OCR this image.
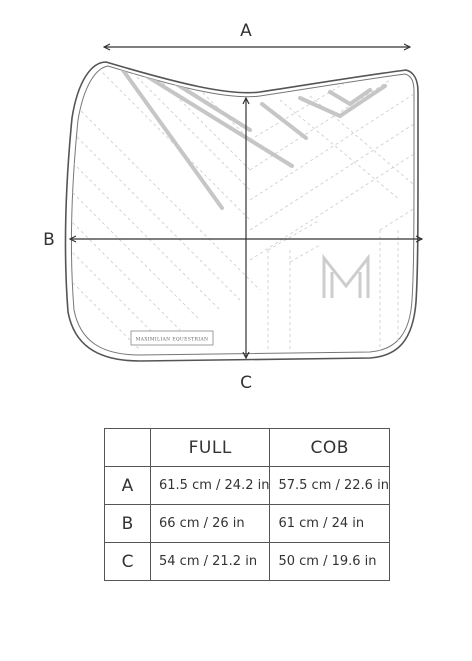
MAXIMILIAN EQUESTRIAN
A
B
C
	FULL	COB
A	61.5 cm / 24.2 in	57.5 cm / 22.6 in
B	66 cm / 26 in	61 cm / 24 in
C	54 cm / 21.2 in	50 cm / 19.6 in
